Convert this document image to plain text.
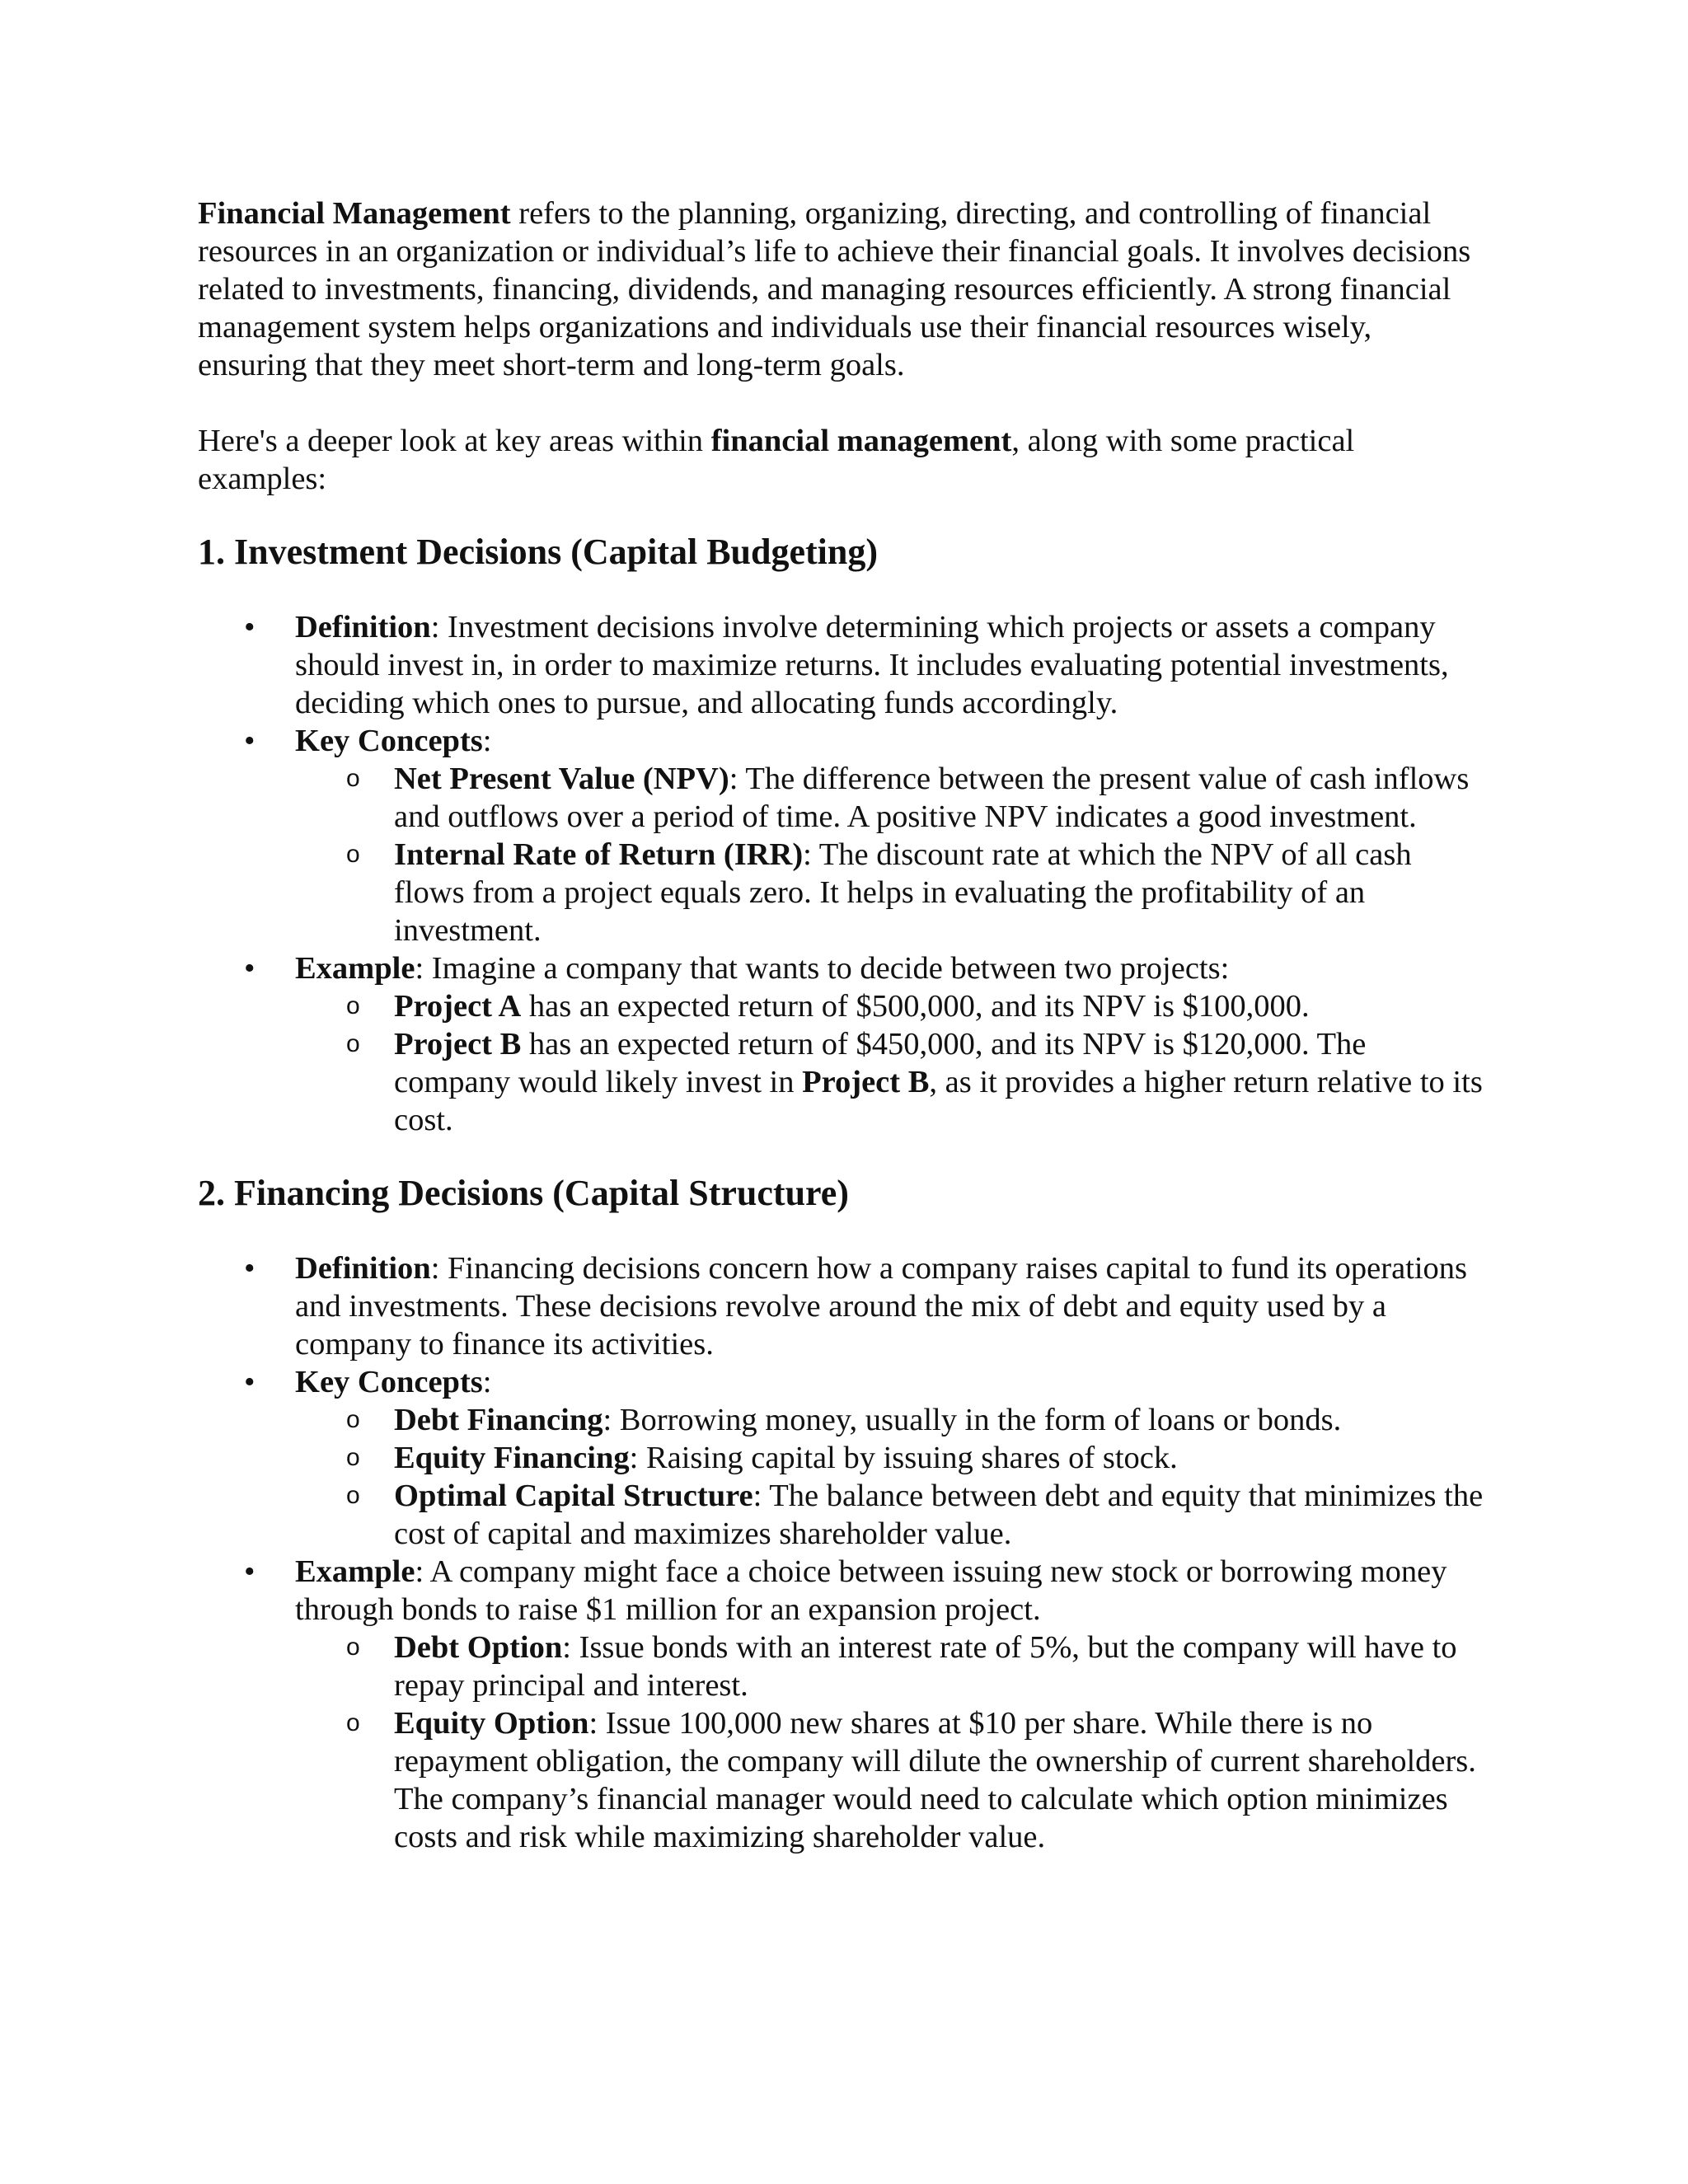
Financial Management refers to the planning, organizing, directing, and controlling of financial resources in an organization or individual’s life to achieve their financial goals. It involves decisions related to investments, financing, dividends, and managing resources efficiently. A strong financial management system helps organizations and individuals use their financial resources wisely, ensuring that they meet short-term and long-term goals.

Here's a deeper look at key areas within financial management, along with some practical examples:

1. Investment Decisions (Capital Budgeting)
• Definition: Investment decisions involve determining which projects or assets a company should invest in, in order to maximize returns. It includes evaluating potential investments, deciding which ones to pursue, and allocating funds accordingly.
• Key Concepts:
o Net Present Value (NPV): The difference between the present value of cash inflows and outflows over a period of time. A positive NPV indicates a good investment.
o Internal Rate of Return (IRR): The discount rate at which the NPV of all cash flows from a project equals zero. It helps in evaluating the profitability of an investment.
• Example: Imagine a company that wants to decide between two projects:
o Project A has an expected return of $500,000, and its NPV is $100,000.
o Project B has an expected return of $450,000, and its NPV is $120,000. The company would likely invest in Project B, as it provides a higher return relative to its cost.
2. Financing Decisions (Capital Structure)
• Definition: Financing decisions concern how a company raises capital to fund its operations and investments. These decisions revolve around the mix of debt and equity used by a company to finance its activities.
• Key Concepts:
o Debt Financing: Borrowing money, usually in the form of loans or bonds.
o Equity Financing: Raising capital by issuing shares of stock.
o Optimal Capital Structure: The balance between debt and equity that minimizes the cost of capital and maximizes shareholder value.
• Example: A company might face a choice between issuing new stock or borrowing money through bonds to raise $1 million for an expansion project.
o Debt Option: Issue bonds with an interest rate of 5%, but the company will have to repay principal and interest.
o Equity Option: Issue 100,000 new shares at $10 per share. While there is no repayment obligation, the company will dilute the ownership of current shareholders. The company’s financial manager would need to calculate which option minimizes costs and risk while maximizing shareholder value.
